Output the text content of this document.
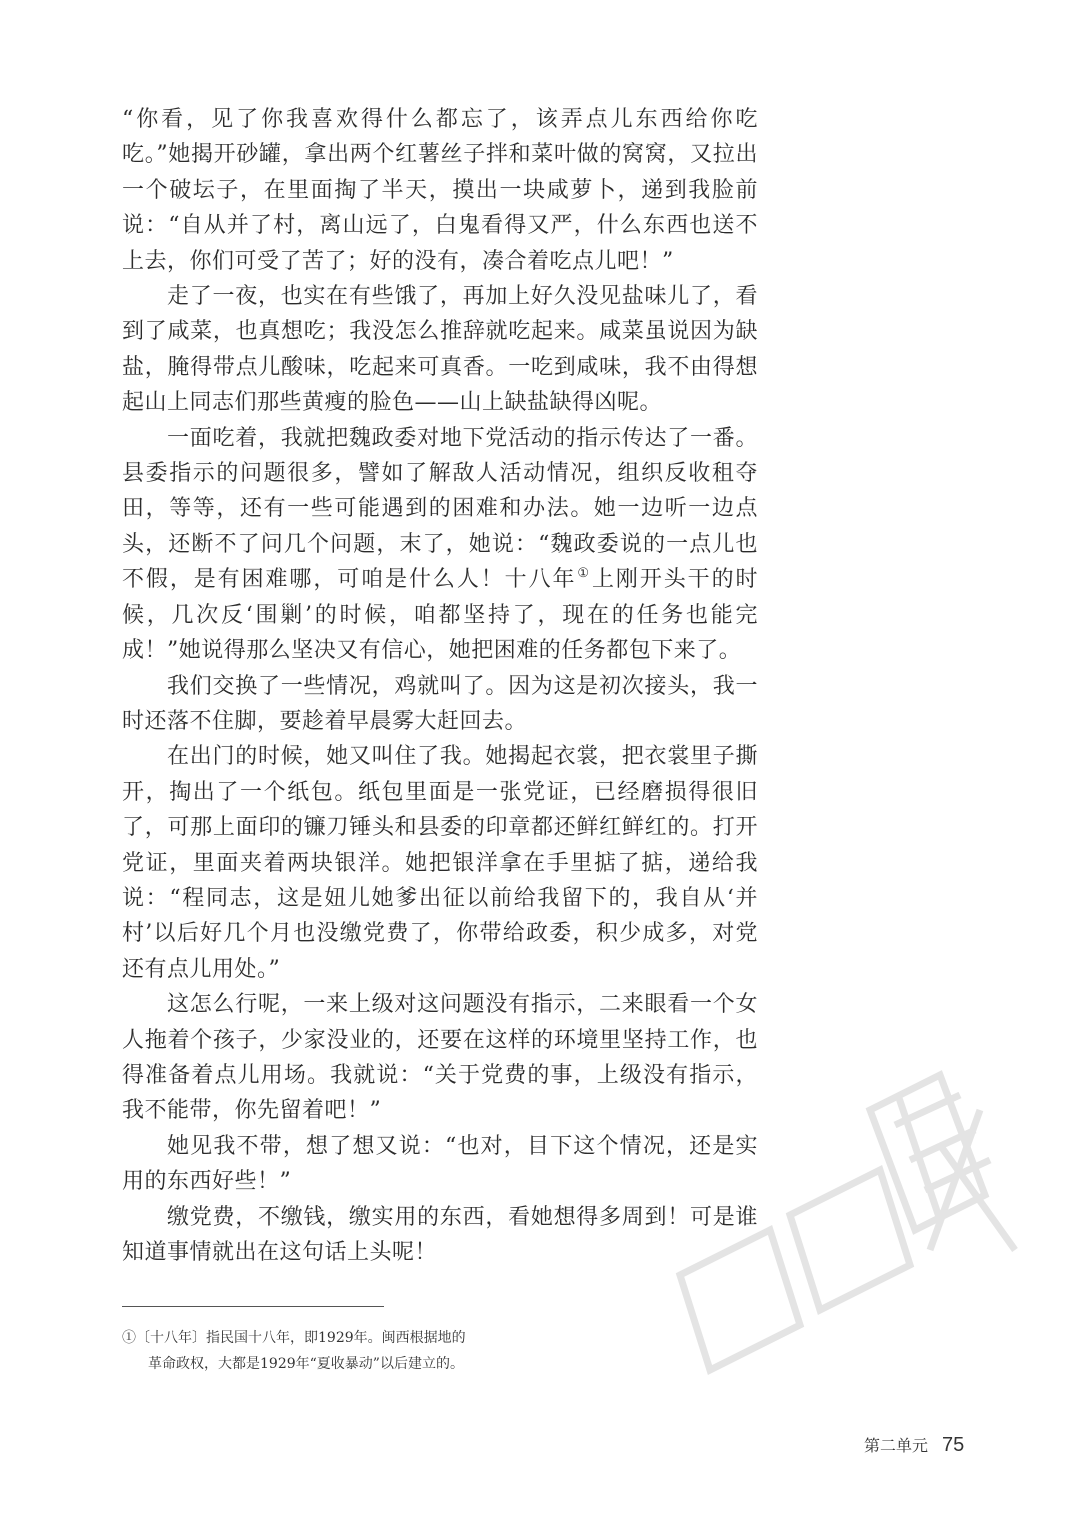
“你看，见了你我喜欢得什么都忘了，该弄点儿东西给你吃吃。”她揭开砂罐，拿出两个红薯丝子拌和菜叶做的窝窝，又拉出一个破坛子，在里面掏了半天，摸出一块咸萝卜，递到我脸前说：“自从并了村，离山远了，白鬼看得又严，什么东西也送不上去，你们可受了苦了；好的没有，凑合着吃点儿吧！”

走了一夜，也实在有些饿了，再加上好久没见盐味儿了，看到了咸菜，也真想吃；我没怎么推辞就吃起来。咸菜虽说因为缺盐，腌得带点儿酸味，吃起来可真香。一吃到咸味，我不由得想起山上同志们那些黄瘦的脸色——山上缺盐缺得凶呢。

一面吃着，我就把魏政委对地下党活动的指示传达了一番。县委指示的问题很多，譬如了解敌人活动情况，组织反收租夺田，等等，还有一些可能遇到的困难和办法。她一边听一边点头，还断不了问几个问题，末了，她说：“魏政委说的一点儿也不假，是有困难哪，可咱是什么人！十八年①上刚开头干的时候，几次反‘围剿’的时候，咱都坚持了，现在的任务也能完成！”她说得那么坚决又有信心，她把困难的任务都包下来了。

我们交换了一些情况，鸡就叫了。因为这是初次接头，我一时还落不住脚，要趁着早晨雾大赶回去。

在出门的时候，她又叫住了我。她揭起衣裳，把衣裳里子撕开，掏出了一个纸包。纸包里面是一张党证，已经磨损得很旧了，可那上面印的镰刀锤头和县委的印章都还鲜红鲜红的。打开党证，里面夹着两块银洋。她把银洋拿在手里掂了掂，递给我说：“程同志，这是妞儿她爹出征以前给我留下的，我自从‘并村’以后好几个月也没缴党费了，你带给政委，积少成多，对党还有点儿用处。”

这怎么行呢，一来上级对这问题没有指示，二来眼看一个女人拖着个孩子，少家没业的，还要在这样的环境里坚持工作，也得准备着点儿用场。我就说：“关于党费的事，上级没有指示，我不能带，你先留着吧！”

她见我不带，想了想又说：“也对，目下这个情况，还是实用的东西好些！”

缴党费，不缴钱，缴实用的东西，看她想得多周到！可是谁知道事情就出在这句话上头呢！

①〔十八年〕指民国十八年，即1929年。闽西根据地的
革命政权，大都是1929年“夏收暴动”以后建立的。
第二单元 75
